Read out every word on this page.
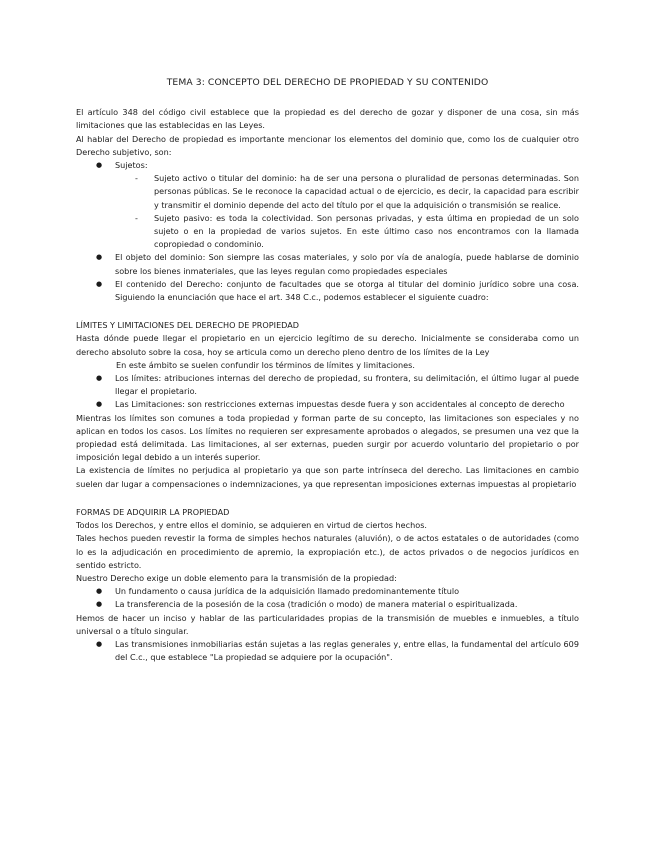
TEMA 3: CONCEPTO DEL DERECHO DE PROPIEDAD Y SU CONTENIDO

El artículo 348 del código civil establece que la propiedad es del derecho de gozar y disponer de una cosa, sin más limitaciones que las establecidas en las Leyes.

Al hablar del Derecho de propiedad es importante mencionar los elementos del dominio que, como los de cualquier otro Derecho subjetivo, son:

● Sujetos:
- Sujeto activo o titular del dominio: ha de ser una persona o pluralidad de personas determinadas. Son personas públicas. Se le reconoce la capacidad actual o de ejercicio, es decir, la capacidad para escribir y transmitir el dominio depende del acto del título por el que la adquisición o transmisión se realice.
- Sujeto pasivo: es toda la colectividad. Son personas privadas, y esta última en propiedad de un solo sujeto o en la propiedad de varios sujetos. En este último caso nos encontramos con la llamada copropiedad o condominio.
● El objeto del dominio: Son siempre las cosas materiales, y solo por vía de analogía, puede hablarse de dominio sobre los bienes inmateriales, que las leyes regulan como propiedades especiales
● El contenido del Derecho: conjunto de facultades que se otorga al titular del dominio jurídico sobre una cosa. Siguiendo la enunciación que hace el art. 348 C.c., podemos establecer el siguiente cuadro:

LÍMITES Y LIMITACIONES DEL DERECHO DE PROPIEDAD

Hasta dónde puede llegar el propietario en un ejercicio legítimo de su derecho. Inicialmente se consideraba como un derecho absoluto sobre la cosa, hoy se articula como un derecho pleno dentro de los límites de la Ley

En este ámbito se suelen confundir los términos de límites y limitaciones.

● Los límites: atribuciones internas del derecho de propiedad, su frontera, su delimitación, el último lugar al puede llegar el propietario.
● Las Limitaciones: son restricciones externas impuestas desde fuera y son accidentales al concepto de derecho

Mientras los límites son comunes a toda propiedad y forman parte de su concepto, las limitaciones son especiales y no aplican en todos los casos. Los límites no requieren ser expresamente aprobados o alegados, se presumen una vez que la propiedad está delimitada. Las limitaciones, al ser externas, pueden surgir por acuerdo voluntario del propietario o por imposición legal debido a un interés superior.

La existencia de límites no perjudica al propietario ya que son parte intrínseca del derecho. Las limitaciones en cambio suelen dar lugar a compensaciones o indemnizaciones, ya que representan imposiciones externas impuestas al propietario

FORMAS DE ADQUIRIR LA PROPIEDAD

Todos los Derechos, y entre ellos el dominio, se adquieren en virtud de ciertos hechos.

Tales hechos pueden revestir la forma de simples hechos naturales (aluvión), o de actos estatales o de autoridades (como lo es la adjudicación en procedimiento de apremio, la expropiación etc.), de actos privados o de negocios jurídicos en sentido estricto.

Nuestro Derecho exige un doble elemento para la transmisión de la propiedad:

● Un fundamento o causa jurídica de la adquisición llamado predominantemente título
● La transferencia de la posesión de la cosa (tradición o modo) de manera material o espiritualizada.

Hemos de hacer un inciso y hablar de las particularidades propias de la transmisión de muebles e inmuebles, a título universal o a título singular.

● Las transmisiones inmobiliarias están sujetas a las reglas generales y, entre ellas, la fundamental del artículo 609 del C.c., que establece "La propiedad se adquiere por la ocupación".
